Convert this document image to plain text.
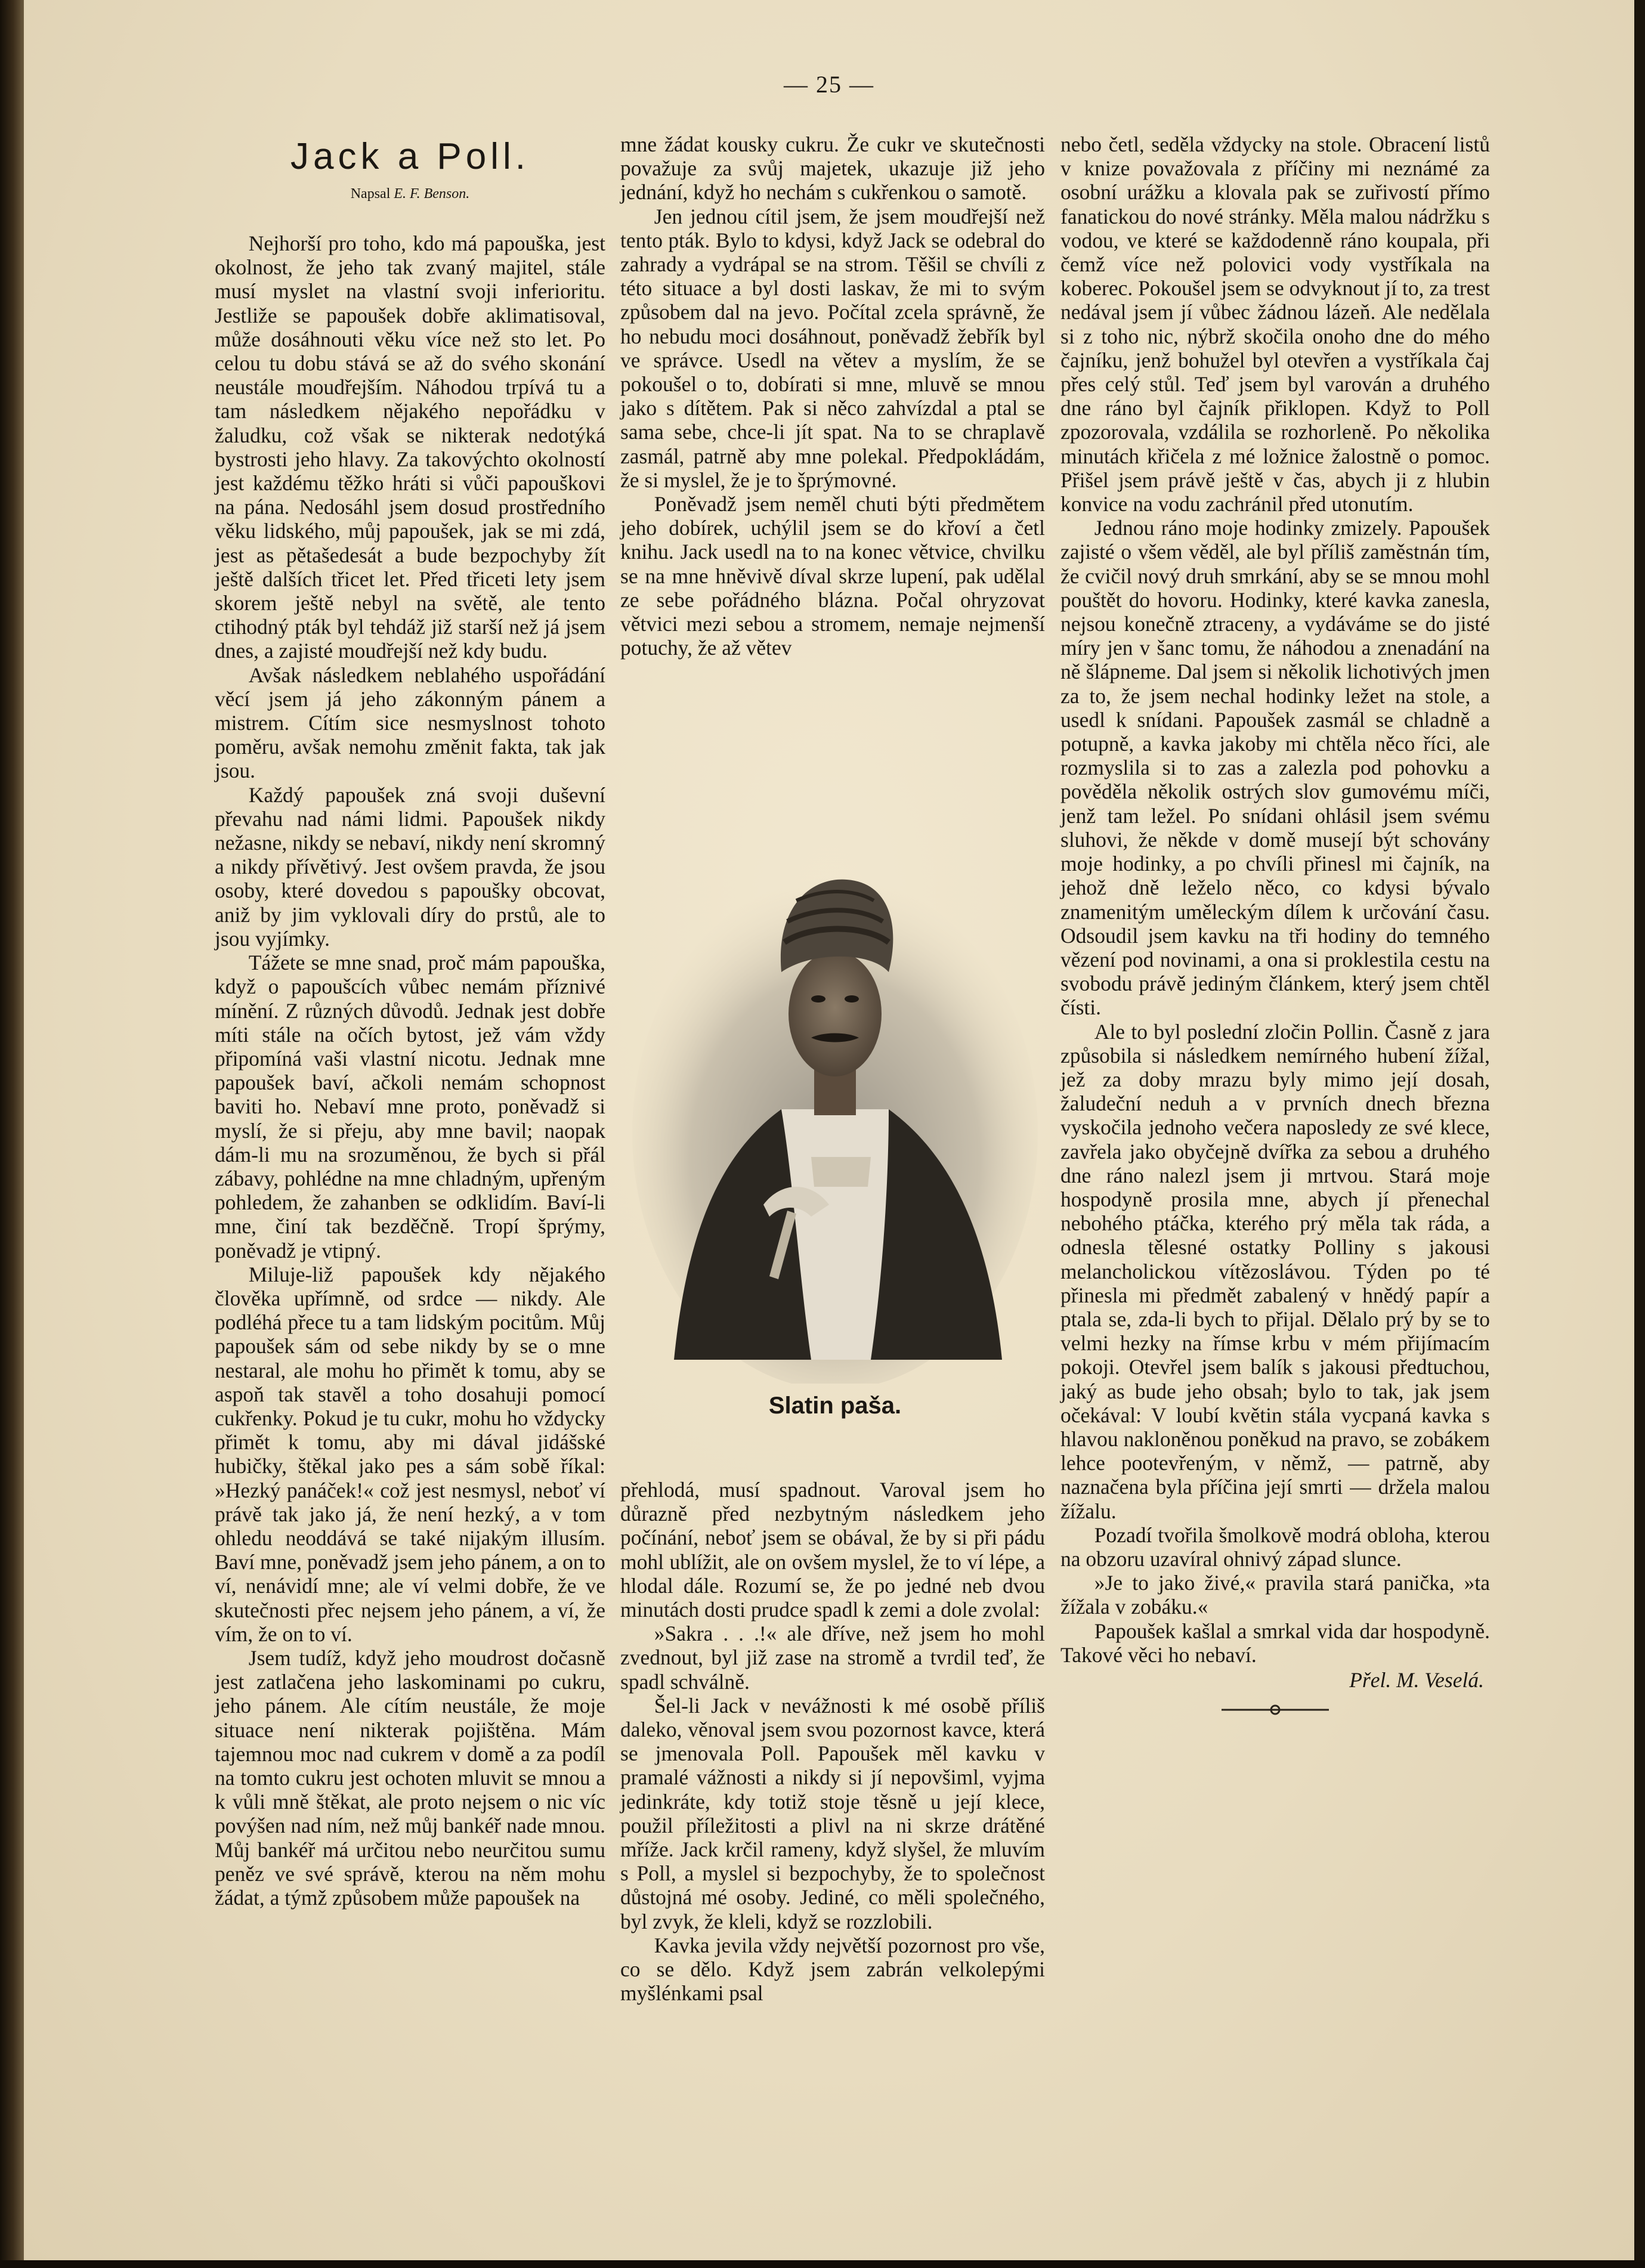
— 25 —
Jack a Poll.
Napsal E. F. Benson.

Nejhorší pro toho, kdo má papouška, jest okolnost, že jeho tak zvaný majitel, stále musí myslet na vlastní svoji inferioritu. Jestliže se papoušek dobře aklimatisoval, může dosáhnouti věku více než sto let. Po celou tu dobu stává se až do svého skonání neustále moudřejším. Náhodou trpívá tu a tam následkem nějakého nepořádku v žaludku, což však se nikterak nedotýká bystrosti jeho hlavy. Za takovýchto okolností jest každému těžko hráti si vůči papouškovi na pána. Nedosáhl jsem dosud prostředního věku lidského, můj papoušek, jak se mi zdá, jest as pětašedesát a bude bezpochyby žít ještě dalších třicet let. Před třiceti lety jsem skorem ještě nebyl na světě, ale tento ctihodný pták byl tehdáž již starší než já jsem dnes, a zajisté moudřejší než kdy budu.

Avšak následkem neblahého uspořádání věcí jsem já jeho zákonným pánem a mistrem. Cítím sice nesmyslnost tohoto poměru, avšak nemohu změnit fakta, tak jak jsou.

Každý papoušek zná svoji duševní převahu nad námi lidmi. Papoušek nikdy nežasne, nikdy se nebaví, nikdy není skromný a nikdy přívětivý. Jest ovšem pravda, že jsou osoby, které dovedou s papoušky obcovat, aniž by jim vyklovali díry do prstů, ale to jsou vyjímky.

Tážete se mne snad, proč mám papouška, když o papoušcích vůbec nemám příznivé mínění. Z různých důvodů. Jednak jest dobře míti stále na očích bytost, jež vám vždy připomíná vaši vlastní nicotu. Jednak mne papoušek baví, ačkoli nemám schopnost baviti ho. Nebaví mne proto, poněvadž si myslí, že si přeju, aby mne bavil; naopak dám-li mu na srozuměnou, že bych si přál zábavy, pohlédne na mne chladným, upřeným pohledem, že zahanben se odklidím. Baví-li mne, činí tak bezděčně. Tropí šprýmy, poněvadž je vtipný.

Miluje-liž papoušek kdy nějakého člověka upřímně, od srdce — nikdy. Ale podléhá přece tu a tam lidským pocitům. Můj papoušek sám od sebe nikdy by se o mne nestaral, ale mohu ho přimět k tomu, aby se aspoň tak stavěl a toho dosahuji pomocí cukřenky. Pokud je tu cukr, mohu ho vždycky přimět k tomu, aby mi dával jidášské hubičky, štěkal jako pes a sám sobě říkal: »Hezký panáček!« což jest nesmysl, neboť ví právě tak jako já, že není hezký, a v tom ohledu neoddává se také nijakým illusím. Baví mne, poněvadž jsem jeho pánem, a on to ví, nenávidí mne; ale ví velmi dobře, že ve skutečnosti přec nejsem jeho pánem, a ví, že vím, že on to ví.

Jsem tudíž, když jeho moudrost dočasně jest zatlačena jeho laskominami po cukru, jeho pánem. Ale cítím neustále, že moje situace není nikterak pojištěna. Mám tajemnou moc nad cukrem v domě a za podíl na tomto cukru jest ochoten mluvit se mnou a k vůli mně štěkat, ale proto nejsem o nic víc povýšen nad ním, než můj bankéř nade mnou. Můj bankéř má určitou nebo neurčitou sumu peněz ve své správě, kterou na něm mohu žádat, a týmž způsobem může papoušek na

mne žádat kousky cukru. Že cukr ve skutečnosti považuje za svůj majetek, ukazuje již jeho jednání, když ho nechám s cukřenkou o samotě.

Jen jednou cítil jsem, že jsem moudřejší než tento pták. Bylo to kdysi, když Jack se odebral do zahrady a vydrápal se na strom. Těšil se chvíli z této situace a byl dosti laskav, že mi to svým způsobem dal na jevo. Počítal zcela správně, že ho nebudu moci dosáhnout, poněvadž žebřík byl ve správce. Usedl na větev a myslím, že se pokoušel o to, dobírati si mne, mluvě se mnou jako s dítětem. Pak si něco zahvízdal a ptal se sama sebe, chce-li jít spat. Na to se chraplavě zasmál, patrně aby mne polekal. Předpokládám, že si myslel, že je to šprýmovné.

Poněvadž jsem neměl chuti býti předmětem jeho dobírek, uchýlil jsem se do křoví a četl knihu. Jack usedl na to na konec větvice, chvilku se na mne hněvivě díval skrze lupení, pak udělal ze sebe pořádného blázna. Počal ohryzovat větvici mezi sebou a stromem, nemaje nejmenší potuchy, že až větev

Slatin paša.

přehlodá, musí spadnout. Varoval jsem ho důrazně před nezbytným následkem jeho počínání, neboť jsem se obával, že by si při pádu mohl ublížit, ale on ovšem myslel, že to ví lépe, a hlodal dále. Rozumí se, že po jedné neb dvou minutách dosti prudce spadl k zemi a dole zvolal:

»Sakra . . .!« ale dříve, než jsem ho mohl zvednout, byl již zase na stromě a tvrdil teď, že spadl schválně.

Šel-li Jack v nevážnosti k mé osobě příliš daleko, věnoval jsem svou pozornost kavce, která se jmenovala Poll. Papoušek měl kavku v pramalé vážnosti a nikdy si jí nepovšiml, vyjma jedinkráte, kdy totiž stoje těsně u její klece, použil příležitosti a plivl na ni skrze drátěné mříže. Jack krčil rameny, když slyšel, že mluvím s Poll, a myslel si bezpochyby, že to společnost důstojná mé osoby. Jediné, co měli společného, byl zvyk, že kleli, když se rozzlobili.

Kavka jevila vždy největší pozornost pro vše, co se dělo. Když jsem zabrán velkolepými myšlénkami psal

nebo četl, seděla vždycky na stole. Obracení listů v knize považovala z příčiny mi neznámé za osobní urážku a klovala pak se zuřivostí přímo fanatickou do nové stránky. Měla malou nádržku s vodou, ve které se každodenně ráno koupala, při čemž více než polovici vody vystříkala na koberec. Pokoušel jsem se odvyknout jí to, za trest nedával jsem jí vůbec žádnou lázeň. Ale nedělala si z toho nic, nýbrž skočila onoho dne do mého čajníku, jenž bohužel byl otevřen a vystříkala čaj přes celý stůl. Teď jsem byl varován a druhého dne ráno byl čajník přiklopen. Když to Poll zpozorovala, vzdálila se rozhorleně. Po několika minutách křičela z mé ložnice žalostně o pomoc. Přišel jsem právě ještě v čas, abych ji z hlubin konvice na vodu zachránil před utonutím.

Jednou ráno moje hodinky zmizely. Papoušek zajisté o všem věděl, ale byl příliš zaměstnán tím, že cvičil nový druh smrkání, aby se se mnou mohl pouštět do hovoru. Hodinky, které kavka zanesla, nejsou konečně ztraceny, a vydáváme se do jisté míry jen v šanc tomu, že náhodou a znenadání na ně šlápneme. Dal jsem si několik lichotivých jmen za to, že jsem nechal hodinky ležet na stole, a usedl k snídani. Papoušek zasmál se chladně a potupně, a kavka jakoby mi chtěla něco říci, ale rozmyslila si to zas a zalezla pod pohovku a pověděla několik ostrých slov gumovému míči, jenž tam ležel. Po snídani ohlásil jsem svému sluhovi, že někde v domě musejí být schovány moje hodinky, a po chvíli přinesl mi čajník, na jehož dně leželo něco, co kdysi bývalo znamenitým uměleckým dílem k určování času. Odsoudil jsem kavku na tři hodiny do temného vězení pod novinami, a ona si proklestila cestu na svobodu právě jediným článkem, který jsem chtěl čísti.

Ale to byl poslední zločin Pollin. Časně z jara způsobila si následkem nemírného hubení žížal, jež za doby mrazu byly mimo její dosah, žaludeční neduh a v prvních dnech března vyskočila jednoho večera naposledy ze své klece, zavřela jako obyčejně dvířka za sebou a druhého dne ráno nalezl jsem ji mrtvou. Stará moje hospodyně prosila mne, abych jí přenechal nebohého ptáčka, kterého prý měla tak ráda, a odnesla tělesné ostatky Polliny s jakousi melancholickou vítězoslávou. Týden po té přinesla mi předmět zabalený v hnědý papír a ptala se, zda-li bych to přijal. Dělalo prý by se to velmi hezky na římse krbu v mém přijímacím pokoji. Otevřel jsem balík s jakousi předtuchou, jaký as bude jeho obsah; bylo to tak, jak jsem očekával: V loubí květin stála vycpaná kavka s hlavou nakloněnou poněkud na pravo, se zobákem lehce pootevřeným, v němž, — patrně, aby naznačena byla příčina její smrti — držela malou žížalu.

Pozadí tvořila šmolkově modrá obloha, kterou na obzoru uzavíral ohnivý západ slunce.

»Je to jako živé,« pravila stará panička, »ta žížala v zobáku.«

Papoušek kašlal a smrkal vida dar hospodyně. Takové věci ho nebaví.

Přel. M. Veselá.
